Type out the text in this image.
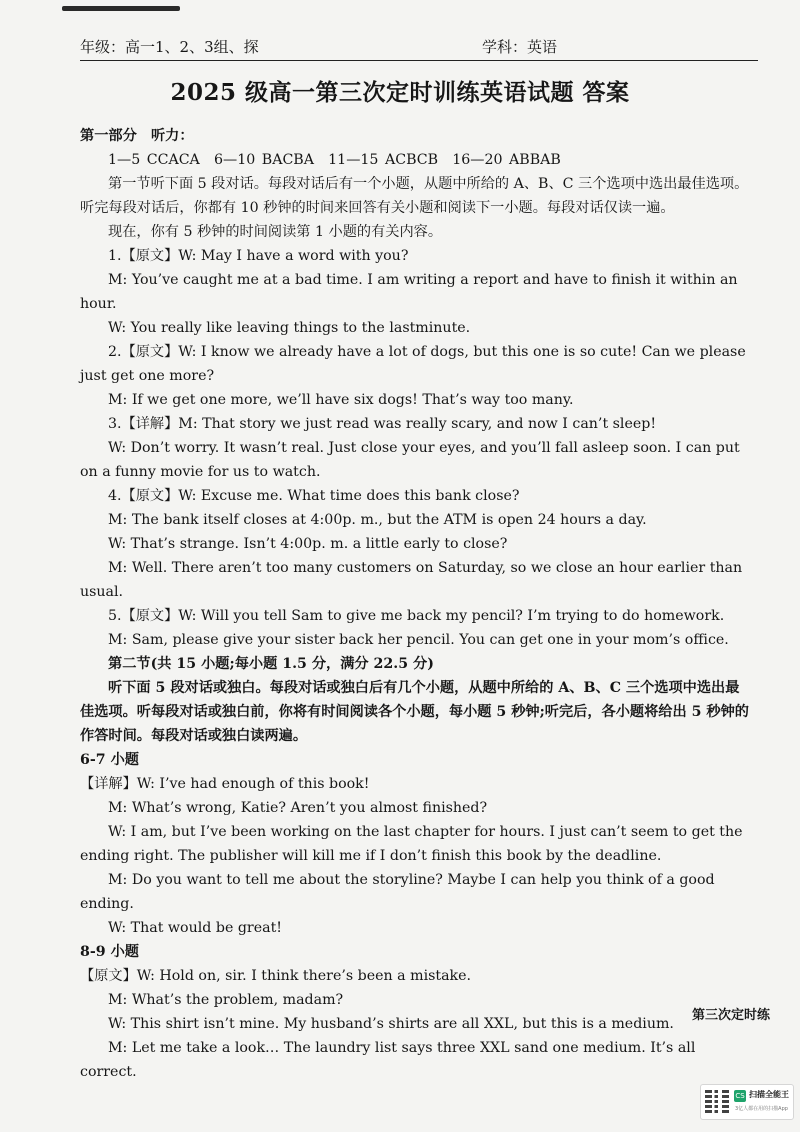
年级：高一1、2、3组、探	学科：英语
2025 级高一第三次定时训练英语试题 答案

第一部分　听力：

1—5 CCACA　6—10 BACBA　11—15 ACBCB　16—20 ABBAB

第一节听下面 5 段对话。每段对话后有一个小题，从题中所给的 A、B、C 三个选项中选出最佳选项。听完每段对话后，你都有 10 秒钟的时间来回答有关小题和阅读下一小题。每段对话仅读一遍。

现在，你有 5 秒钟的时间阅读第 1 小题的有关内容。

1.【原文】W: May I have a word with you?

M: You’ve caught me at a bad time. I am writing a report and have to finish it within an hour.

W: You really like leaving things to the lastminute.

2.【原文】W: I know we already have a lot of dogs, but this one is so cute! Can we please just get one more?

M: If we get one more, we’ll have six dogs! That’s way too many.

3.【详解】M: That story we just read was really scary, and now I can’t sleep!

W: Don’t worry. It wasn’t real. Just close your eyes, and you’ll fall asleep soon. I can put on a funny movie for us to watch.

4.【原文】W: Excuse me. What time does this bank close?

M: The bank itself closes at 4:00p. m., but the ATM is open 24 hours a day.

W: That’s strange. Isn’t 4:00p. m. a little early to close?

M: Well. There aren’t too many customers on Saturday, so we close an hour earlier than usual.

5.【原文】W: Will you tell Sam to give me back my pencil? I’m trying to do homework.

M: Sam, please give your sister back her pencil. You can get one in your mom’s office.

第二节(共 15 小题;每小题 1.5 分，满分 22.5 分)

听下面 5 段对话或独白。每段对话或独白后有几个小题，从题中所给的 A、B、C 三个选项中选出最佳选项。听每段对话或独白前，你将有时间阅读各个小题，每小题 5 秒钟;听完后，各小题将给出 5 秒钟的作答时间。每段对话或独白读两遍。

6-7 小题

【详解】W: I’ve had enough of this book!

M: What’s wrong, Katie? Aren’t you almost finished?

W: I am, but I’ve been working on the last chapter for hours. I just can’t seem to get the ending right. The publisher will kill me if I don’t finish this book by the deadline.

M: Do you want to tell me about the storyline? Maybe I can help you think of a good ending.

W: That would be great!

8-9 小题

【原文】W: Hold on, sir. I think there’s been a mistake.

M: What’s the problem, madam?

W: This shirt isn’t mine. My husband’s shirts are all XXL, but this is a medium.

M: Let me take a look… The laundry list says three XXL sand one medium. It’s all correct.

第三次定时练
CS 扫描全能王
3亿人都在用的扫描App
